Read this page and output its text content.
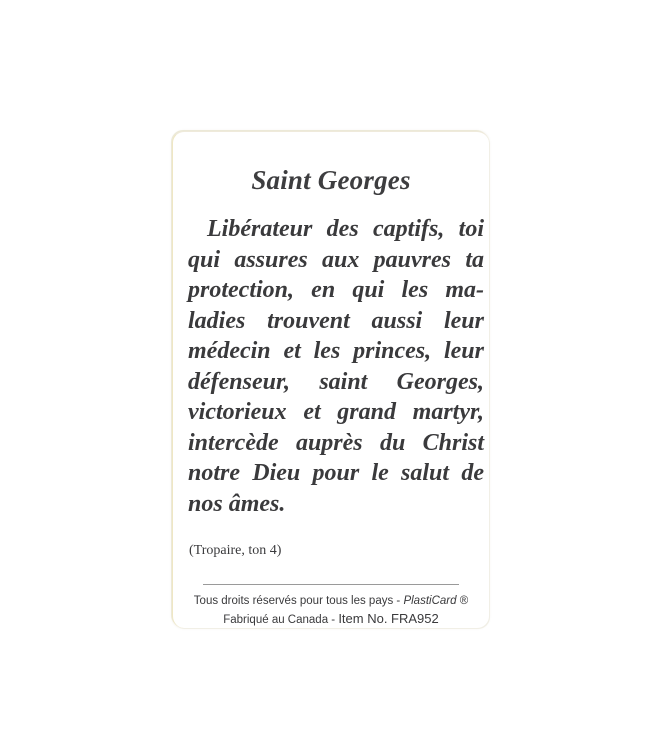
Saint Georges
Libérateur des captifs, toi
qui assures aux pauvres ta
protection, en qui les ma-
ladies trouvent aussi leur
médecin et les princes, leur
défenseur, saint Georges,
victorieux et grand martyr,
intercède auprès du Christ
notre Dieu pour le salut de
nos âmes.

(Tropaire, ton 4)

Tous droits réservés pour tous les pays - PlastiCard ®
Fabriqué au Canada - Item No. FRA952
